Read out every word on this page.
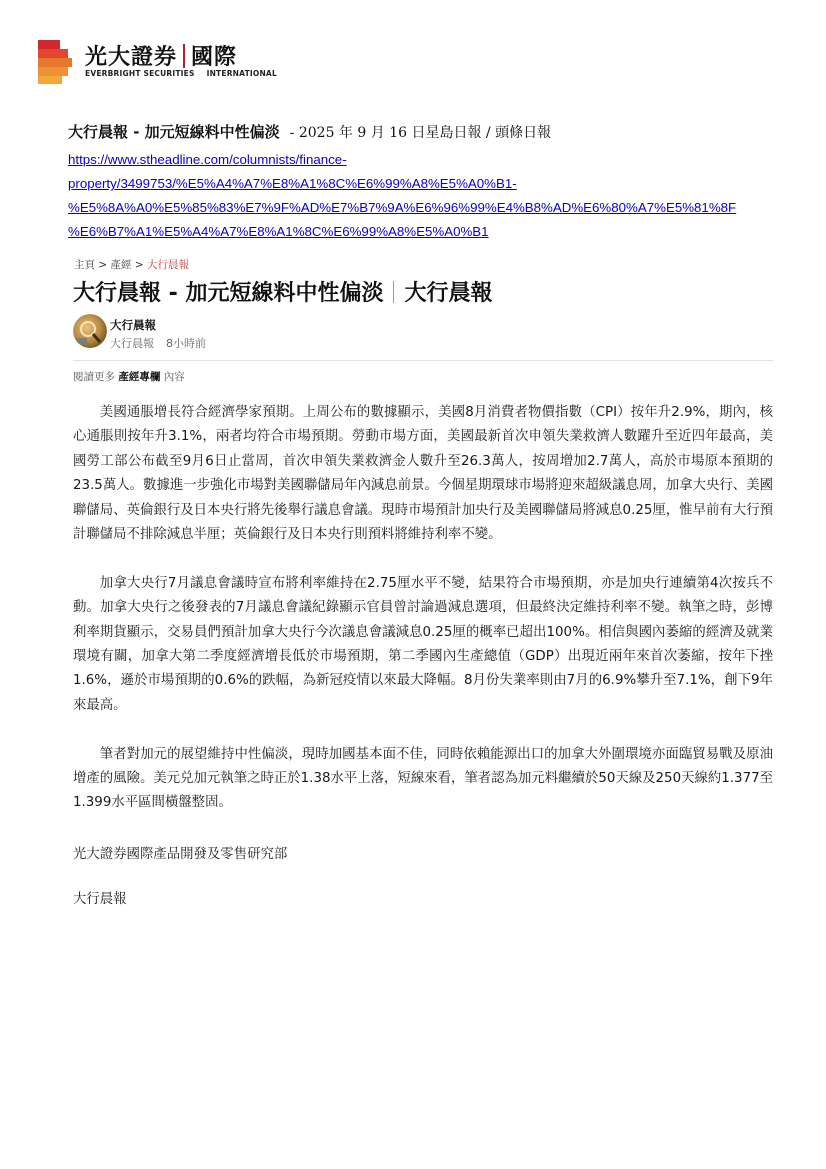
光大證券 國際
EVERBRIGHT SECURITIES INTERNATIONAL
大行晨報 - 加元短線料中性偏淡 - 2025 年 9 月 16 日星島日報 / 頭條日報
https://www.stheadline.com/columnists/finance-
property/3499753/%E5%A4%A7%E8%A1%8C%E6%99%A8%E5%A0%B1-
%E5%8A%A0%E5%85%83%E7%9F%AD%E7%B7%9A%E6%96%99%E4%B8%AD%E6%80%A7%E5%81%8F
%E6%B7%A1%E5%A4%A7%E8%A1%8C%E6%99%A8%E5%A0%B1
主頁 > 產經 > 大行晨報
大行晨報 - 加元短線料中性偏淡 大行晨報
大行晨報
大行晨報 8小時前
閱讀更多 產經專欄 內容

美國通脹增長符合經濟學家預期。上周公布的數據顯示，美國8月消費者物價指數（CPI）按年升2.9%，期內，核心通脹則按年升3.1%，兩者均符合市場預期。勞動市場方面，美國最新首次申領失業救濟人數躍升至近四年最高，美國勞工部公布截至9月6日止當周，首次申領失業救濟金人數升至26.3萬人，按周增加2.7萬人，高於市場原本預期的23.5萬人。數據進一步強化市場對美國聯儲局年內減息前景。今個星期環球市場將迎來超級議息周，加拿大央行、美國聯儲局、英倫銀行及日本央行將先後舉行議息會議。現時市場預計加央行及美國聯儲局將減息0.25厘，惟早前有大行預計聯儲局不排除減息半厘；英倫銀行及日本央行則預料將維持利率不變。

加拿大央行7月議息會議時宣布將利率維持在2.75厘水平不變，結果符合市場預期，亦是加央行連續第4次按兵不動。加拿大央行之後發表的7月議息會議紀錄顯示官員曾討論過減息選項，但最終決定維持利率不變。執筆之時，彭博利率期貨顯示，交易員們預計加拿大央行今次議息會議減息0.25厘的概率已超出100%。相信與國內萎縮的經濟及就業環境有關，加拿大第二季度經濟增長低於市場預期，第二季國內生產總值（GDP）出現近兩年來首次萎縮，按年下挫1.6%，遜於市場預期的0.6%的跌幅，為新冠疫情以來最大降幅。8月份失業率則由7月的6.9%攀升至7.1%，創下9年來最高。

筆者對加元的展望維持中性偏淡，現時加國基本面不佳，同時依賴能源出口的加拿大外圍環境亦面臨貿易戰及原油增產的風險。美元兑加元執筆之時正於1.38水平上落，短線來看，筆者認為加元料繼續於50天線及250天線約1.377至1.399水平區間橫盤整固。

光大證券國際產品開發及零售研究部
大行晨報
